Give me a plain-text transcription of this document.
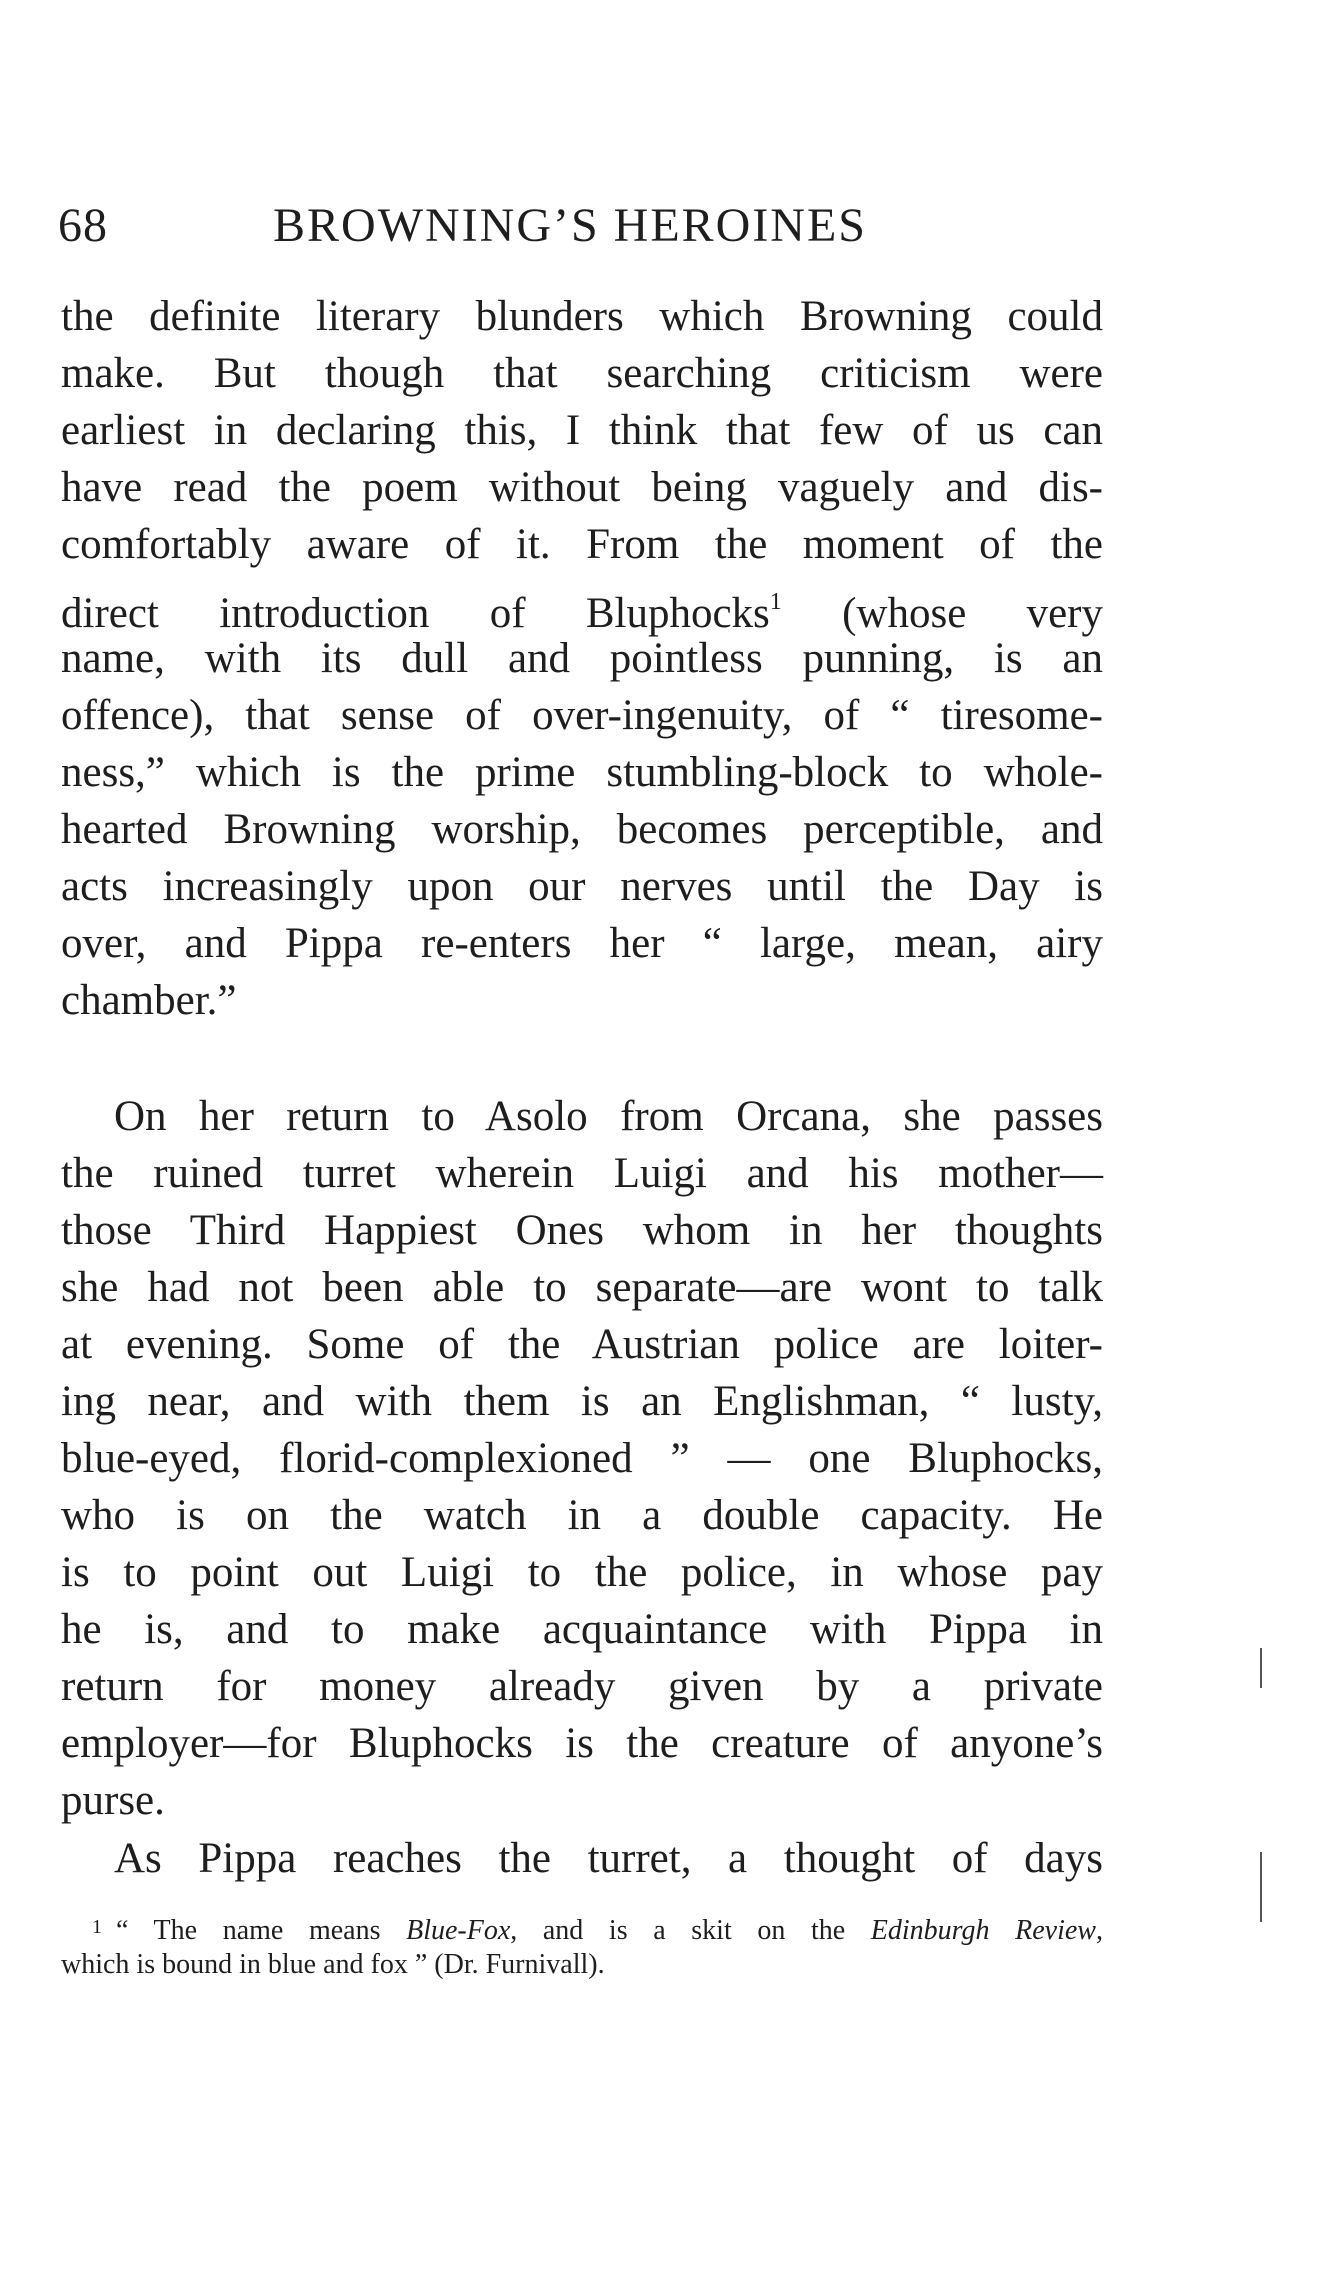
68	BROWNING’S HEROINES
the definite literary blunders which Browning could
make. But though that searching criticism were
earliest in declaring this, I think that few of us can
have read the poem without being vaguely and dis-
comfortably aware of it. From the moment of the
direct introduction of Bluphocks$^1$ (whose very
name, with its dull and pointless punning, is an
offence), that sense of over-ingenuity, of “ tiresome-
ness,” which is the prime stumbling-block to whole-
hearted Browning worship, becomes perceptible, and
acts increasingly upon our nerves until the Day is
over, and Pippa re-enters her “ large, mean, airy
chamber.”
On her return to Asolo from Orcana, she passes
the ruined turret wherein Luigi and his mother—
those Third Happiest Ones whom in her thoughts
she had not been able to separate—are wont to talk
at evening. Some of the Austrian police are loiter-
ing near, and with them is an Englishman, “ lusty,
blue-eyed, florid-complexioned ” — one Bluphocks,
who is on the watch in a double capacity. He
is to point out Luigi to the police, in whose pay
he is, and to make acquaintance with Pippa in
return for money already given by a private
employer—for Bluphocks is the creature of anyone’s
purse.
As Pippa reaches the turret, a thought of days
$^1$ “ The name means Blue-Fox, and is a skit on the Edinburgh Review,
which is bound in blue and fox ” (Dr. Furnivall).
